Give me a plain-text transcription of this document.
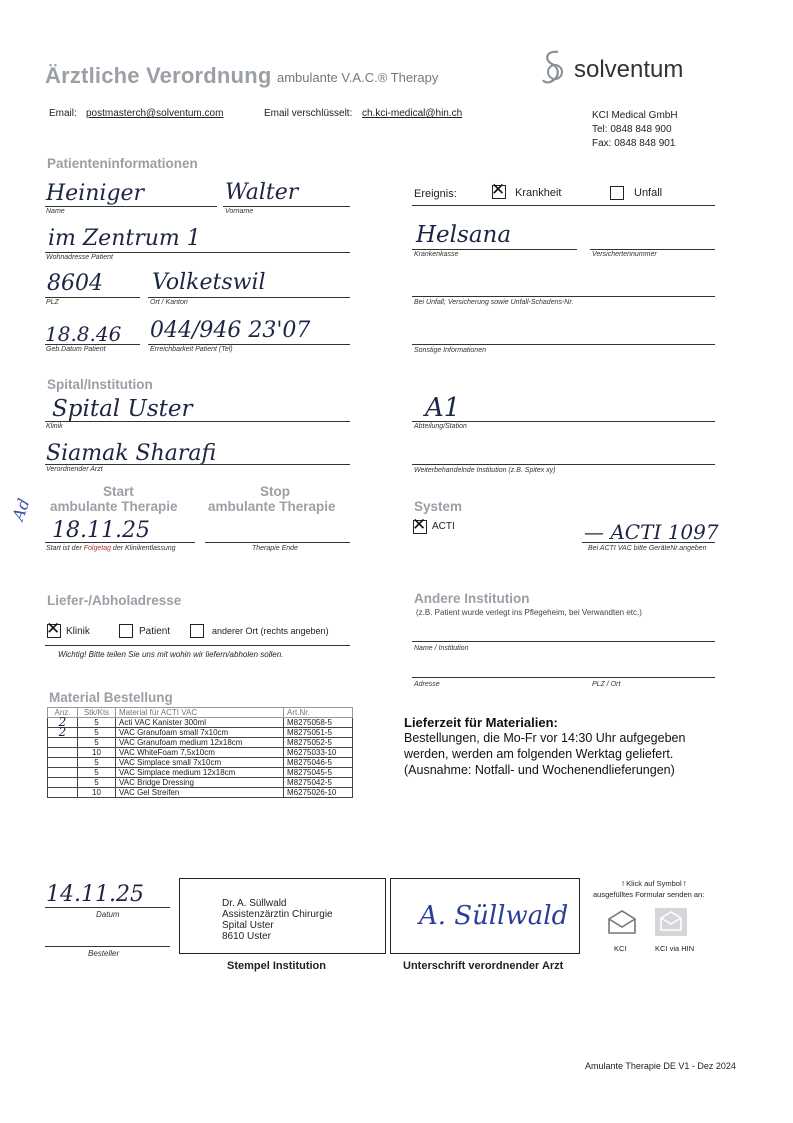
Ärztliche Verordnung ambulante V.A.C.® Therapy	solventum
Email: postmasterch@solventum.com	Email verschlüsselt: ch.kci-medical@hin.ch	KCI Medical GmbH
Tel: 0848 848 900
Fax: 0848 848 901
Patienteninformationen
Heiniger	Walter
Name	Vorname
im Zentrum 1
Wohnadresse Patient
8604 Volketswil
PLZ	Ort / Kanton
18.8.46 044/946 23'07
Geb.Datum Patient	Erreichbarkeit Patient (Tel)
Ereignis: ✕	Krankheit	Unfall
Helsana
Krankenkasse	Versichertennummer
Bei Unfall; Versicherung sowie Unfall-Schadens-Nr.
Sonstige Informationen
Spital/Institution
Spital Uster
Klinik
A1
Abteilung/Station
Siamak Sharafi
Verordnender Arzt	Weiterbehandelnde Institution (z.B. Spitex xy)
Start
ambulante Therapie
Stop
ambulante Therapie
Ad
18.11.25
Start ist der Folgetag der Klinikentlassung	Therapie Ende
System
✕
ACTI	— ACTI 1097
Bei ACTI VAC bitte GeräteNr.angeben
Liefer-/Abholadresse
✕
Klinik	Patient	anderer Ort (rechts angeben)
Wichtig! Bitte teilen Sie uns mit wohin wir liefern/abholen sollen.
Andere Institution
(z.B. Patient wurde verlegt ins Pflegeheim, bei Verwandten etc.)
Name / Institution
Adresse	PLZ / Ort
Material Bestellung
Anz.	Stk/Kts	Material für ACTI VAC	Art.Nr.
2	5	Acti VAC Kanister 300ml	M8275058-5
2	5	VAC Granufoam small 7x10cm	M8275051-5
	5	VAC Granufoam medium 12x18cm	M8275052-5
	10	VAC WhiteFoam 7,5x10cm	M6275033-10
	5	VAC Simplace small 7x10cm	M8275046-5
	5	VAC Simplace medium 12x18cm	M8275045-5
	5	VAC Bridge Dressing	M8275042-5
	10	VAC Gel Streifen	M6275026-10
Lieferzeit für Materialien:
Bestellungen, die Mo-Fr vor 14:30 Uhr aufgegeben
werden, werden am folgenden Werktag geliefert.
(Ausnahme: Notfall- und Wochenendlieferungen)
14.11.25
Datum
Besteller
Dr. A. Süllwald
Assistenzärztin Chirurgie
Spital Uster
8610 Uster
Stempel Institution
A. Süllwald
Unterschrift verordnender Arzt
! Klick auf Symbol !
ausgefülltes Formular senden an:
KCI	KCI via HIN
Amulante Therapie DE V1 - Dez 2024
